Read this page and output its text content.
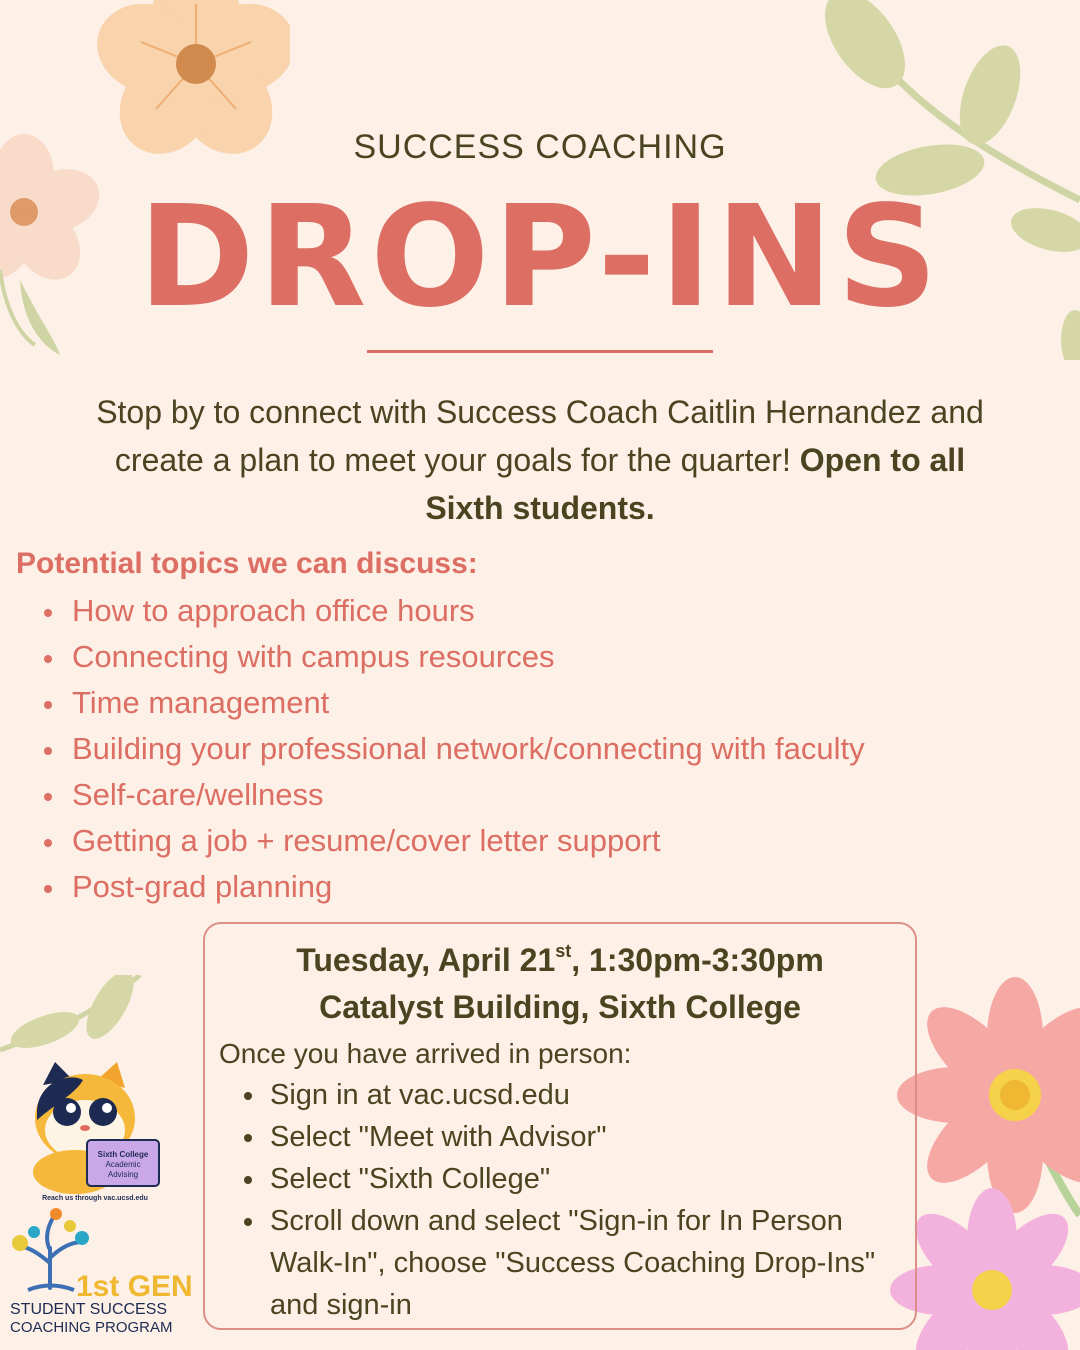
SUCCESS COACHING
DROP-INS
Stop by to connect with Success Coach Caitlin Hernandez and
create a plan to meet your goals for the quarter! Open to all
Sixth students.
Potential topics we can discuss:
How to approach office hours
Connecting with campus resources
Time management
Building your professional network/connecting with faculty
Self-care/wellness
Getting a job + resume/cover letter support
Post-grad planning
Tuesday, April 21st, 1:30pm-3:30pm
Catalyst Building, Sixth College
Once you have arrived in person:
Sign in at vac.ucsd.edu
Select "Meet with Advisor"
Select "Sixth College"
Scroll down and select "Sign-in for In Person Walk-In", choose "Success Coaching Drop-Ins" and sign-in
Sixth College
Academic
Advising
Reach us through vac.ucsd.edu
1st GEN
STUDENT SUCCESS
COACHING PROGRAM
